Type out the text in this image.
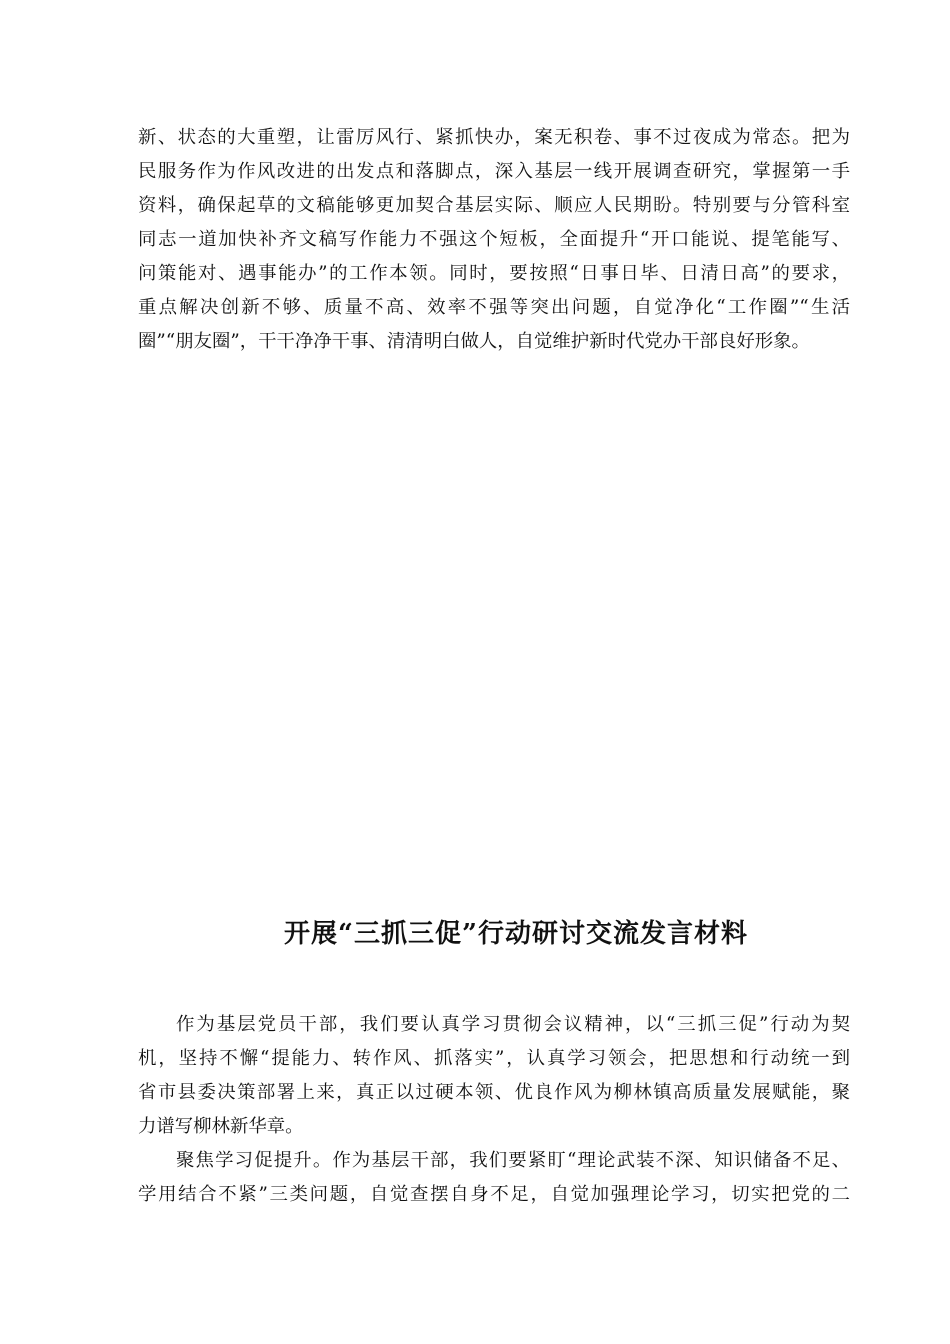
新、状态的大重塑，让雷厉风行、紧抓快办，案无积卷、事不过夜成为常态。把为
民服务作为作风改进的出发点和落脚点，深入基层一线开展调查研究，掌握第一手
资料，确保起草的文稿能够更加契合基层实际、顺应人民期盼。特别要与分管科室
同志一道加快补齐文稿写作能力不强这个短板，全面提升“开口能说、提笔能写、
问策能对、遇事能办”的工作本领。同时，要按照“日事日毕、日清日高”的要求，
重点解决创新不够、质量不高、效率不强等突出问题，自觉净化“工作圈”“生活
圈”“朋友圈”，干干净净干事、清清明白做人，自觉维护新时代党办干部良好形象。
开展“三抓三促”行动研讨交流发言材料
作为基层党员干部，我们要认真学习贯彻会议精神，以“三抓三促”行动为契
机，坚持不懈“提能力、转作风、抓落实”，认真学习领会，把思想和行动统一到
省市县委决策部署上来，真正以过硬本领、优良作风为柳林镇高质量发展赋能，聚
力谱写柳林新华章。
聚焦学习促提升。作为基层干部，我们要紧盯“理论武装不深、知识储备不足、
学用结合不紧”三类问题，自觉查摆自身不足，自觉加强理论学习，切实把党的二
